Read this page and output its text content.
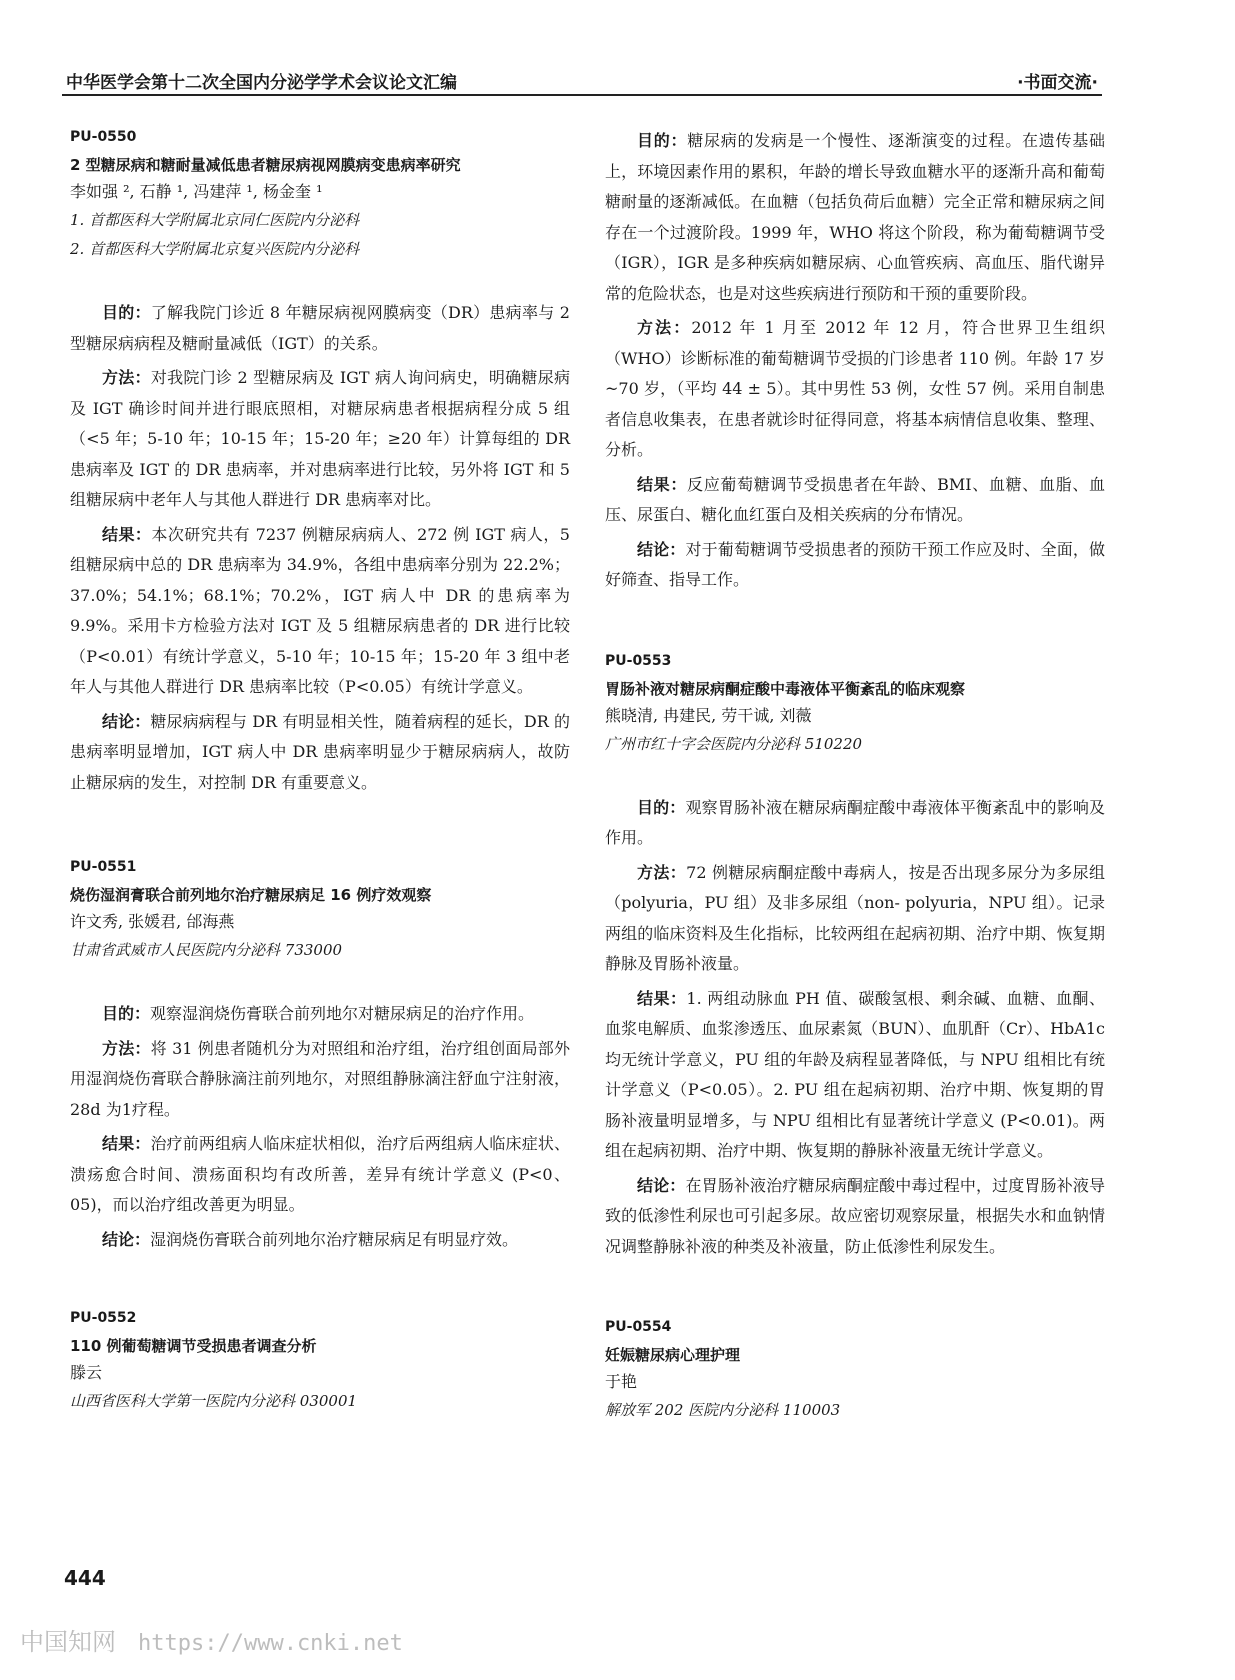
中华医学会第十二次全国内分泌学学术会议论文汇编	·书面交流·

PU-0550

2 型糖尿病和糖耐量减低患者糖尿病视网膜病变患病率研究

李如强 ², 石静 ¹, 冯建萍 ¹, 杨金奎 ¹

1. 首都医科大学附属北京同仁医院内分泌科

2. 首都医科大学附属北京复兴医院内分泌科

目的：了解我院门诊近 8 年糖尿病视网膜病变（DR）患病率与 2 型糖尿病病程及糖耐量减低（IGT）的关系。

方法：对我院门诊 2 型糖尿病及 IGT 病人询问病史，明确糖尿病及 IGT 确诊时间并进行眼底照相，对糖尿病患者根据病程分成 5 组（<5 年；5-10 年；10-15 年；15-20 年；≥20 年）计算每组的 DR 患病率及 IGT 的 DR 患病率，并对患病率进行比较，另外将 IGT 和 5 组糖尿病中老年人与其他人群进行 DR 患病率对比。

结果：本次研究共有 7237 例糖尿病病人、272 例 IGT 病人，5 组糖尿病中总的 DR 患病率为 34.9%，各组中患病率分别为 22.2%；37.0%；54.1%；68.1%；70.2%，IGT 病人中 DR 的患病率为 9.9%。采用卡方检验方法对 IGT 及 5 组糖尿病患者的 DR 进行比较（P<0.01）有统计学意义，5-10 年；10-15 年；15-20 年 3 组中老年人与其他人群进行 DR 患病率比较（P<0.05）有统计学意义。

结论：糖尿病病程与 DR 有明显相关性，随着病程的延长，DR 的患病率明显增加，IGT 病人中 DR 患病率明显少于糖尿病病人，故防止糖尿病的发生，对控制 DR 有重要意义。

PU-0551

烧伤湿润膏联合前列地尔治疗糖尿病足 16 例疗效观察

许文秀, 张媛君, 邰海燕

甘肃省武威市人民医院内分泌科 733000

目的：观察湿润烧伤膏联合前列地尔对糖尿病足的治疗作用。

方法：将 31 例患者随机分为对照组和治疗组，治疗组创面局部外用湿润烧伤膏联合静脉滴注前列地尔，对照组静脉滴注舒血宁注射液，28d 为1疗程。

结果：治疗前两组病人临床症状相似，治疗后两组病人临床症状、溃疡愈合时间、溃疡面积均有改所善，差异有统计学意义 (P<0、05)，而以治疗组改善更为明显。

结论：湿润烧伤膏联合前列地尔治疗糖尿病足有明显疗效。

PU-0552

110 例葡萄糖调节受损患者调查分析

滕云

山西省医科大学第一医院内分泌科 030001

目的：糖尿病的发病是一个慢性、逐渐演变的过程。在遗传基础上，环境因素作用的累积，年龄的增长导致血糖水平的逐渐升高和葡萄糖耐量的逐渐减低。在血糖（包括负荷后血糖）完全正常和糖尿病之间存在一个过渡阶段。1999 年，WHO 将这个阶段，称为葡萄糖调节受（IGR），IGR 是多种疾病如糖尿病、心血管疾病、高血压、脂代谢异常的危险状态，也是对这些疾病进行预防和干预的重要阶段。

方法：2012 年 1 月至 2012 年 12 月，符合世界卫生组织（WHO）诊断标准的葡萄糖调节受损的门诊患者 110 例。年龄 17 岁 ~70 岁，（平均 44 ± 5）。其中男性 53 例，女性 57 例。采用自制患者信息收集表，在患者就诊时征得同意，将基本病情信息收集、整理、分析。

结果：反应葡萄糖调节受损患者在年龄、BMI、血糖、血脂、血压、尿蛋白、糖化血红蛋白及相关疾病的分布情况。

结论：对于葡萄糖调节受损患者的预防干预工作应及时、全面，做好筛查、指导工作。

PU-0553

胃肠补液对糖尿病酮症酸中毒液体平衡紊乱的临床观察

熊晓清, 冉建民, 劳干诚, 刘薇

广州市红十字会医院内分泌科 510220

目的：观察胃肠补液在糖尿病酮症酸中毒液体平衡紊乱中的影响及作用。

方法：72 例糖尿病酮症酸中毒病人，按是否出现多尿分为多尿组（polyuria，PU 组）及非多尿组（non- polyuria，NPU 组）。记录两组的临床资料及生化指标，比较两组在起病初期、治疗中期、恢复期静脉及胃肠补液量。

结果：1. 两组动脉血 PH 值、碳酸氢根、剩余碱、血糖、血酮、血浆电解质、血浆渗透压、血尿素氮（BUN）、血肌酐（Cr）、HbA1c 均无统计学意义，PU 组的年龄及病程显著降低，与 NPU 组相比有统计学意义（P<0.05）。2. PU 组在起病初期、治疗中期、恢复期的胃肠补液量明显增多，与 NPU 组相比有显著统计学意义 (P<0.01)。两组在起病初期、治疗中期、恢复期的静脉补液量无统计学意义。

结论：在胃肠补液治疗糖尿病酮症酸中毒过程中，过度胃肠补液导致的低渗性利尿也可引起多尿。故应密切观察尿量，根据失水和血钠情况调整静脉补液的种类及补液量，防止低渗性利尿发生。

PU-0554

妊娠糖尿病心理护理

于艳

解放军 202 医院内分泌科 110003

444
中国知网 https://www.cnki.net
